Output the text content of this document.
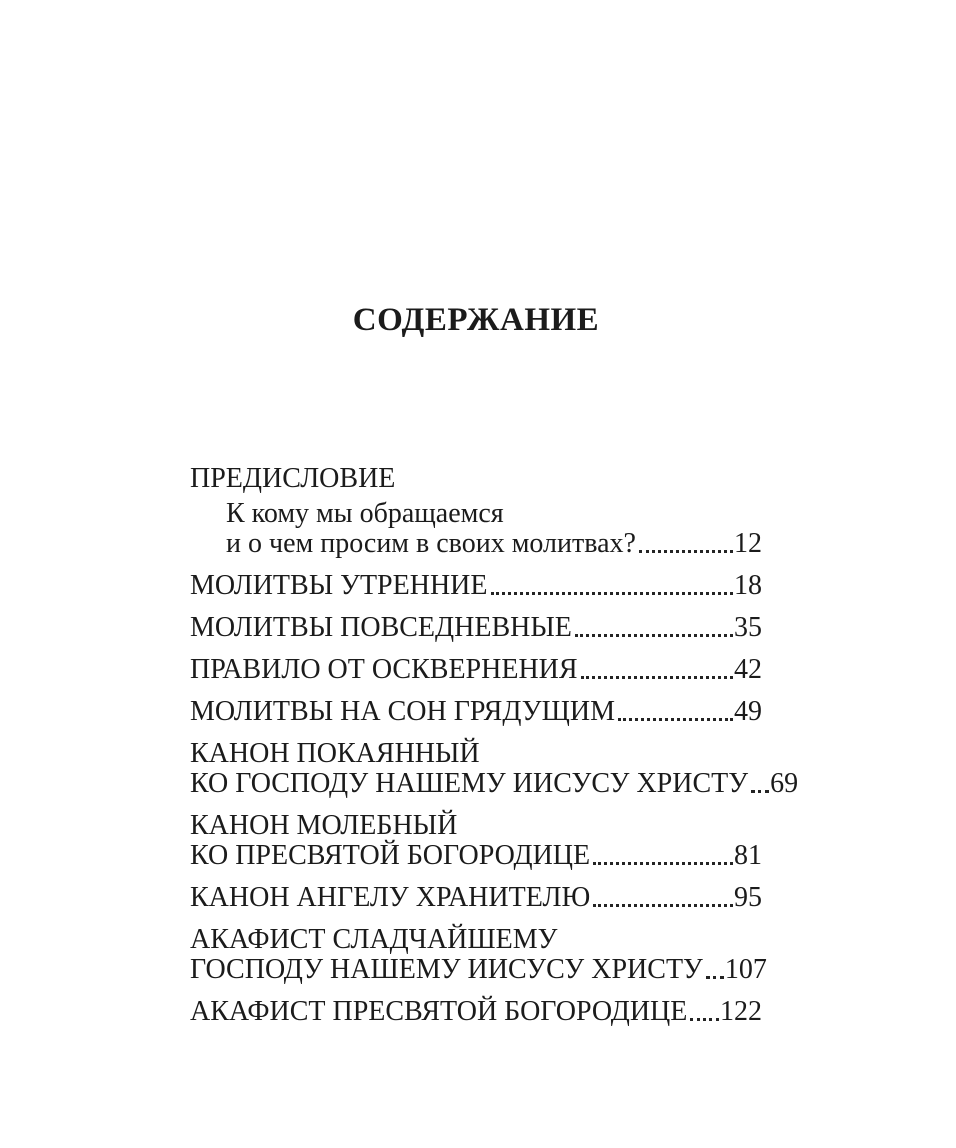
СОДЕРЖАНИЕ
ПРЕДИСЛОВИЕ
К кому мы обращаемся
и о чем просим в своих молитвах?	12
МОЛИТВЫ УТРЕННИЕ	18
МОЛИТВЫ ПОВСЕДНЕВНЫЕ	35
ПРАВИЛО ОТ ОСКВЕРНЕНИЯ	42
МОЛИТВЫ НА СОН ГРЯДУЩИМ	49
КАНОН ПОКАЯННЫЙ
КО ГОСПОДУ НАШЕМУ ИИСУСУ ХРИСТУ 69
КАНОН МОЛЕБНЫЙ
КО ПРЕСВЯТОЙ БОГОРОДИЦЕ	81
КАНОН АНГЕЛУ ХРАНИТЕЛЮ	95
АКАФИСТ СЛАДЧАЙШЕМУ
ГОСПОДУ НАШЕМУ ИИСУСУ ХРИСТУ 107
АКАФИСТ ПРЕСВЯТОЙ БОГОРОДИЦЕ 122
